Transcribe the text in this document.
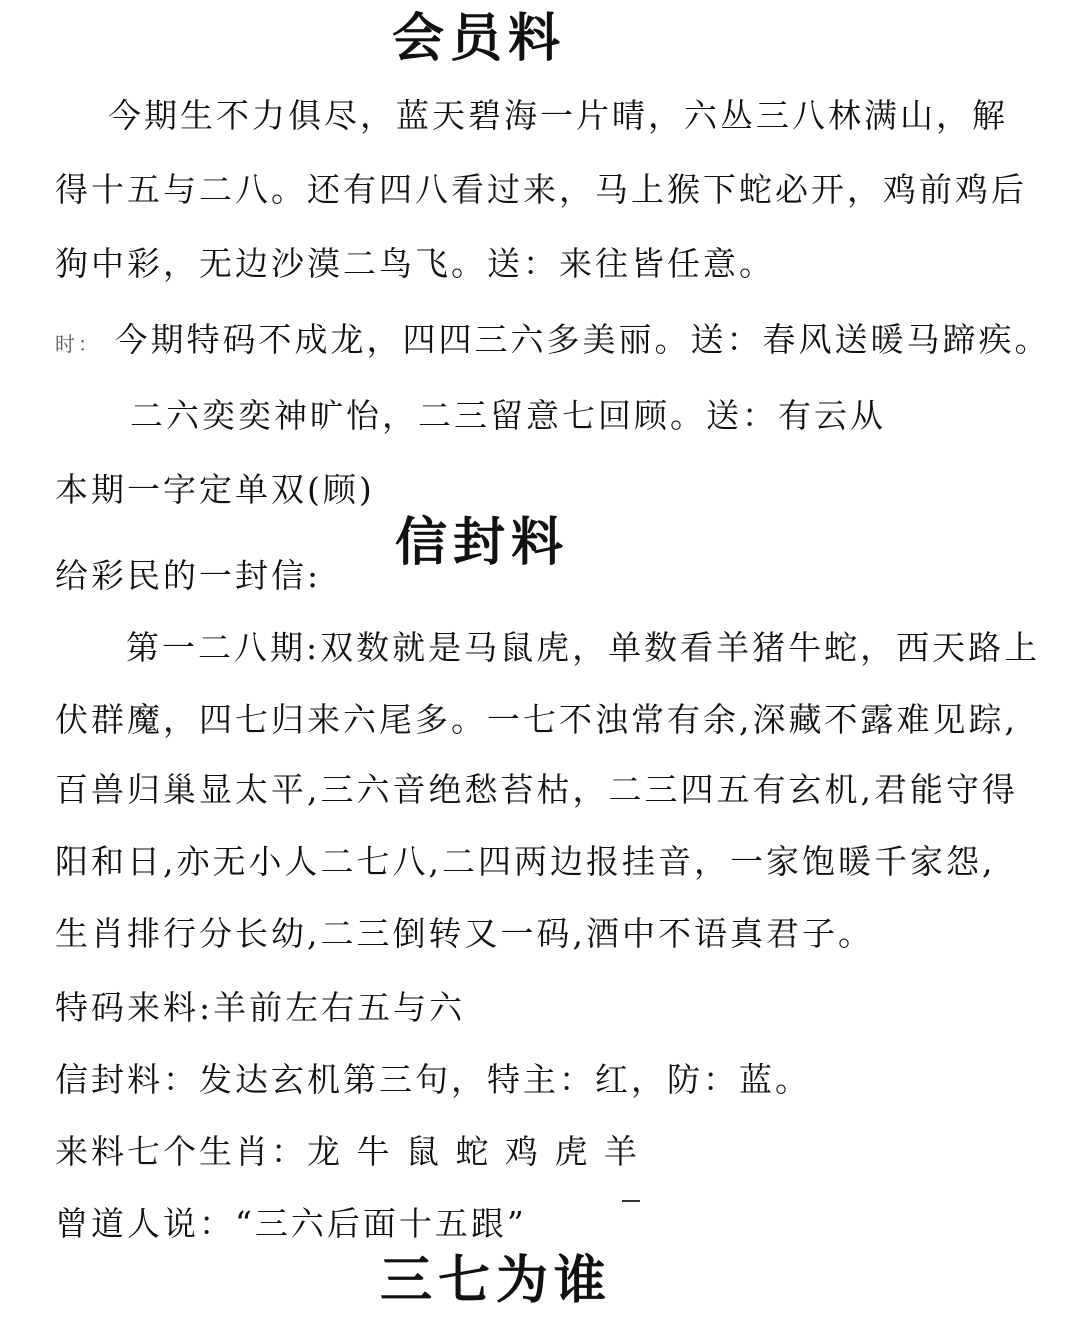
会员料
今期生不力俱尽，蓝天碧海一片晴，六丛三八林满山，解
得十五与二八。还有四八看过来，马上猴下蛇必开，鸡前鸡后
狗中彩，无边沙漠二鸟飞。送：来往皆任意。
时： 今期特码不成龙，四四三六多美丽。送：春风送暖马蹄疾。
二六奕奕神旷怡，二三留意七回顾。送：有云从
本期一字定单双(顾)
信封料
给彩民的一封信:
第一二八期:双数就是马鼠虎，单数看羊猪牛蛇，西天路上
伏群魔，四七归来六尾多。一七不浊常有余,深藏不露难见踪,
百兽归巢显太平,三六音绝愁苔枯，二三四五有玄机,君能守得
阳和日,亦无小人二七八,二四两边报挂音，一家饱暖千家怨,
生肖排行分长幼,二三倒转又一码,酒中不语真君子。
特码来料:羊前左右五与六
信封料：发达玄机第三句，特主：红，防：蓝。
来料七个生肖：龙 牛 鼠 蛇 鸡 虎 羊
曾道人说：“三六后面十五跟”
三七为谁
